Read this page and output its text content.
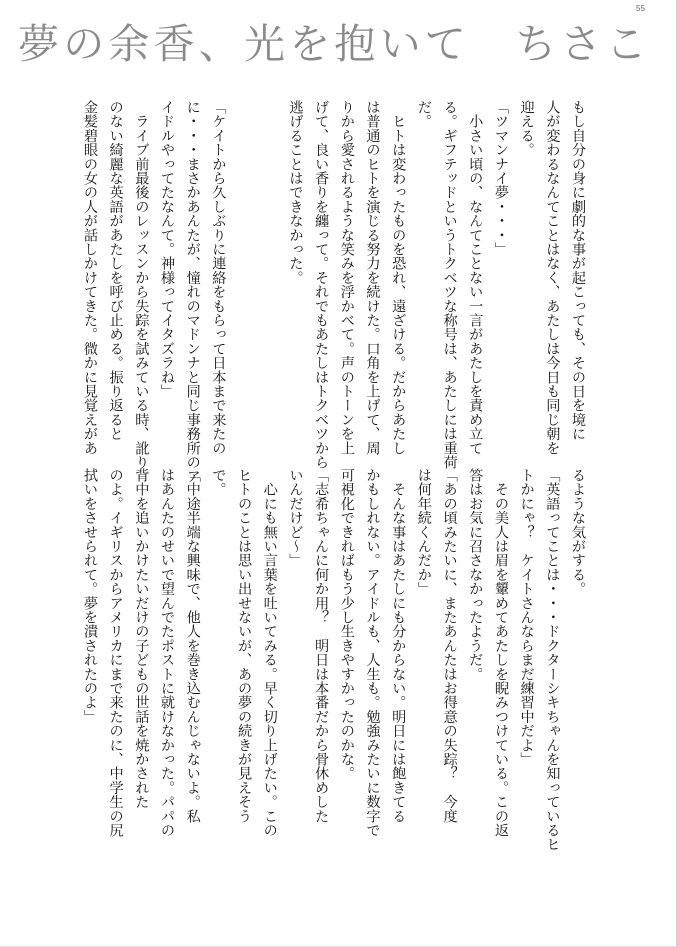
55
夢の余香、光を抱いて　ちさこ
もし自分の身に劇的な事が起こっても、その日を境に
人が変わるなんてことはなく、あたしは今日も同じ朝を
迎える。
「ツマンナイ夢・・・」
　小さい頃の、なんてことない一言があたしを責め立て
る。ギフテッドというトクベツな称号は、あたしには重荷
だ。
　ヒトは変わったものを恐れ、遠ざける。だからあたし
は普通のヒトを演じる努力を続けた。口角を上げて、周
りから愛されるような笑みを浮かべて。声のトーンを上
げて、良い香りを纏って。それでもあたしはトクベツから
逃げることはできなかった。
「ケイトから久しぶりに連絡をもらって日本まで来たの
に・・・まさかあんたが、憧れのマドンナと同じ事務所のア
イドルやってたなんて。神様ってイタズラね」
　ライブ前最後のレッスンから失踪を試みている時、訛り
のない綺麗な英語があたしを呼び止める。振り返ると
金髪碧眼の女の人が話しかけてきた。微かに見覚えがあ
るような気がする。
「英語ってことは・・・ドクターシキちゃんを知っているヒ
トかにゃ？　ケイトさんならまだ練習中だよ」
　その美人は眉を顰めてあたしを睨みつけている。この返
答はお気に召さなかったようだ。
「あの頃みたいに、またあんたはお得意の失踪？　今度
は何年続くんだか」
　そんな事はあたしにも分からない。明日には飽きてる
かもしれない。アイドルも、人生も。勉強みたいに数字で
可視化できればもう少し生きやすかったのかな。
「志希ちゃんに何か用？　明日は本番だから骨休めした
いんだけど～」
　心にも無い言葉を吐いてみる。早く切り上げたい。この
ヒトのことは思い出せないが、あの夢の続きが見えそう
で。
「中途半端な興味で、他人を巻き込むんじゃないよ。私
はあんたのせいで望んでたポストに就けなかった。パパの
背中を追いかけたいだけの子どもの世話を焼かされた
のよ。イギリスからアメリカにまで来たのに、中学生の尻
拭いをさせられて。夢を潰されたのよ」
